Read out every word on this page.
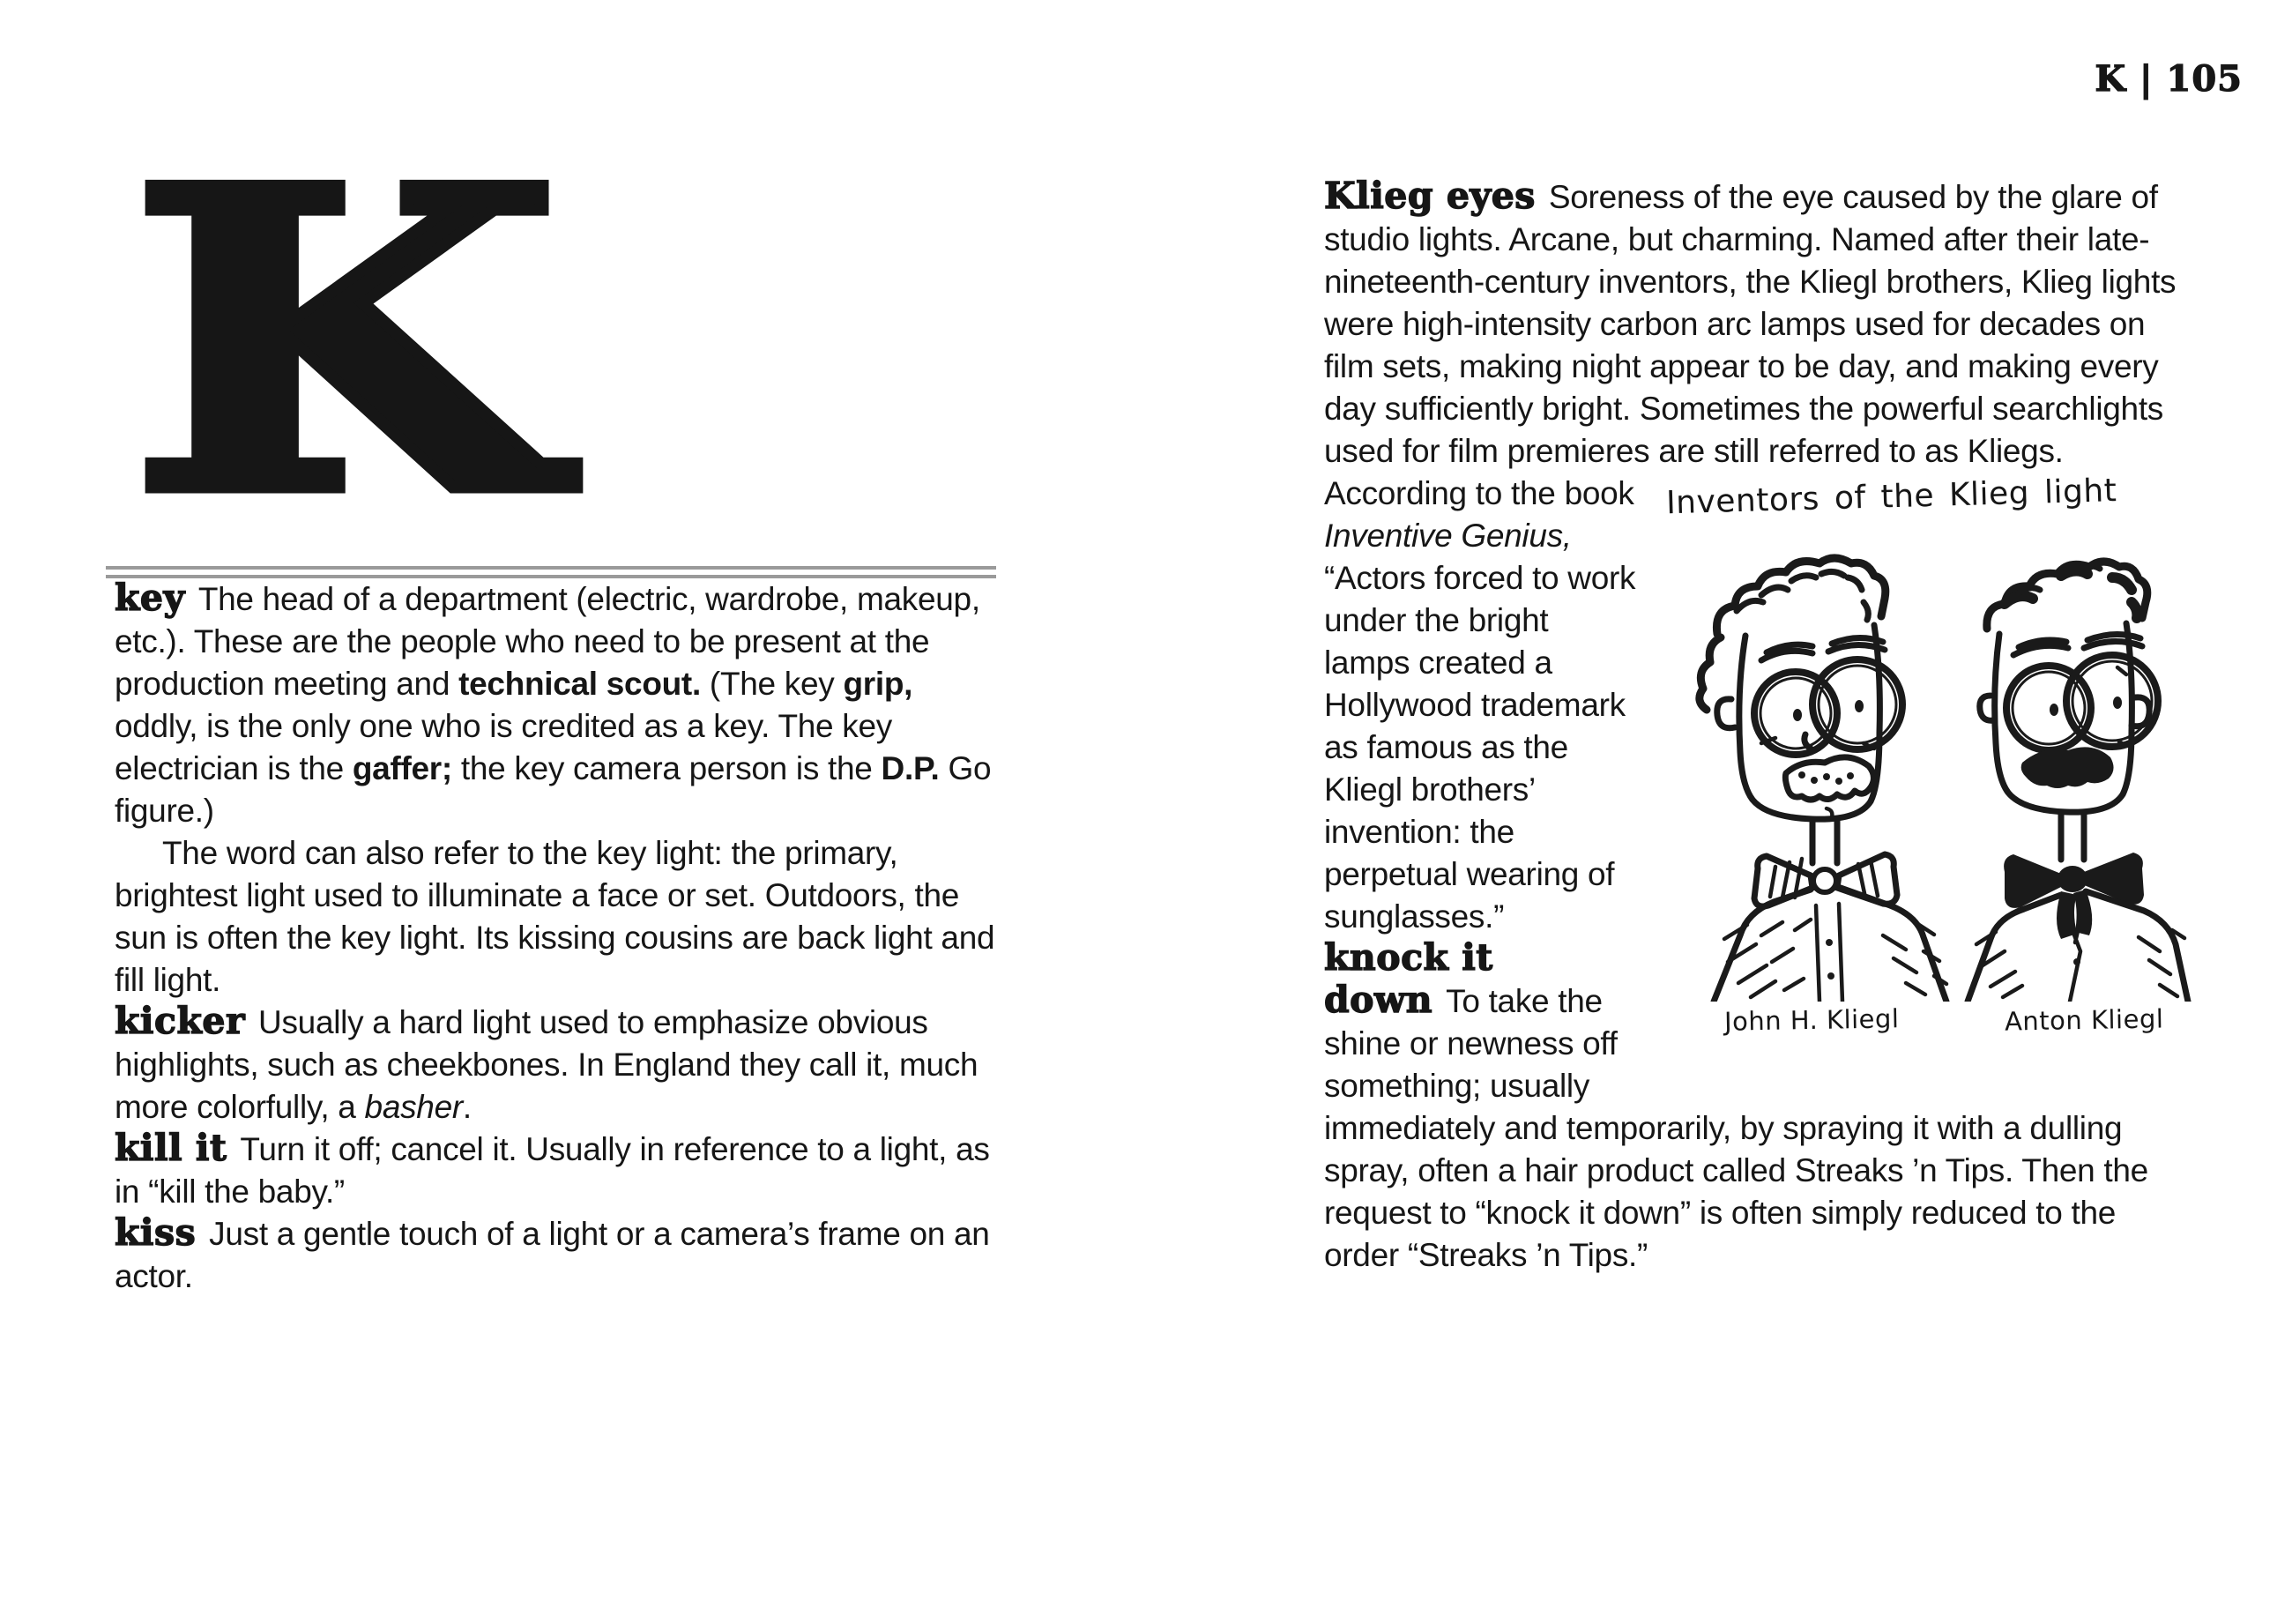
K | 105
K

key The head of a department (electric, wardrobe, makeup, etc.). These are the people who need to be present at the production meeting and technical scout. (The key grip, oddly, is the only one who is credited as a key. The key electrician is the gaffer; the key camera person is the D.P. Go figure.)

The word can also refer to the key light: the primary, brightest light used to illuminate a face or set. Outdoors, the sun is often the key light. Its kissing cousins are back light and fill light.

kicker Usually a hard light used to emphasize obvious highlights, such as cheekbones. In England they call it, much more colorfully, a basher.

kill it Turn it off; cancel it. Usually in reference to a light, as in “kill the baby.”

kiss Just a gentle touch of a light or a camera’s frame on an actor.

Klieg eyes Soreness of the eye caused by the glare of studio lights. Arcane, but charming. Named after their late-nineteenth-century inventors, the Kliegl brothers, Klieg lights were high-intensity carbon arc lamps used for decades on film sets, making night appear to be day, and making every day sufficiently bright. Sometimes the powerful searchlights used for film premieres are
Inventors of the Klieg light
John H. Kliegl	Anton Kliegl
still referred to as Kliegs. According to the book Inventive Genius, “Actors forced to work under the bright lamps created a Hollywood trademark as famous as the Kliegl brothers’ invention: the perpetual wearing of sunglasses.”

knock it down To take the shine or newness off something; usually immediately and temporarily, by spraying it with a dulling spray, often a hair product called Streaks ’n Tips. Then the request to “knock it down” is often simply reduced to the order “Streaks ’n Tips.”
